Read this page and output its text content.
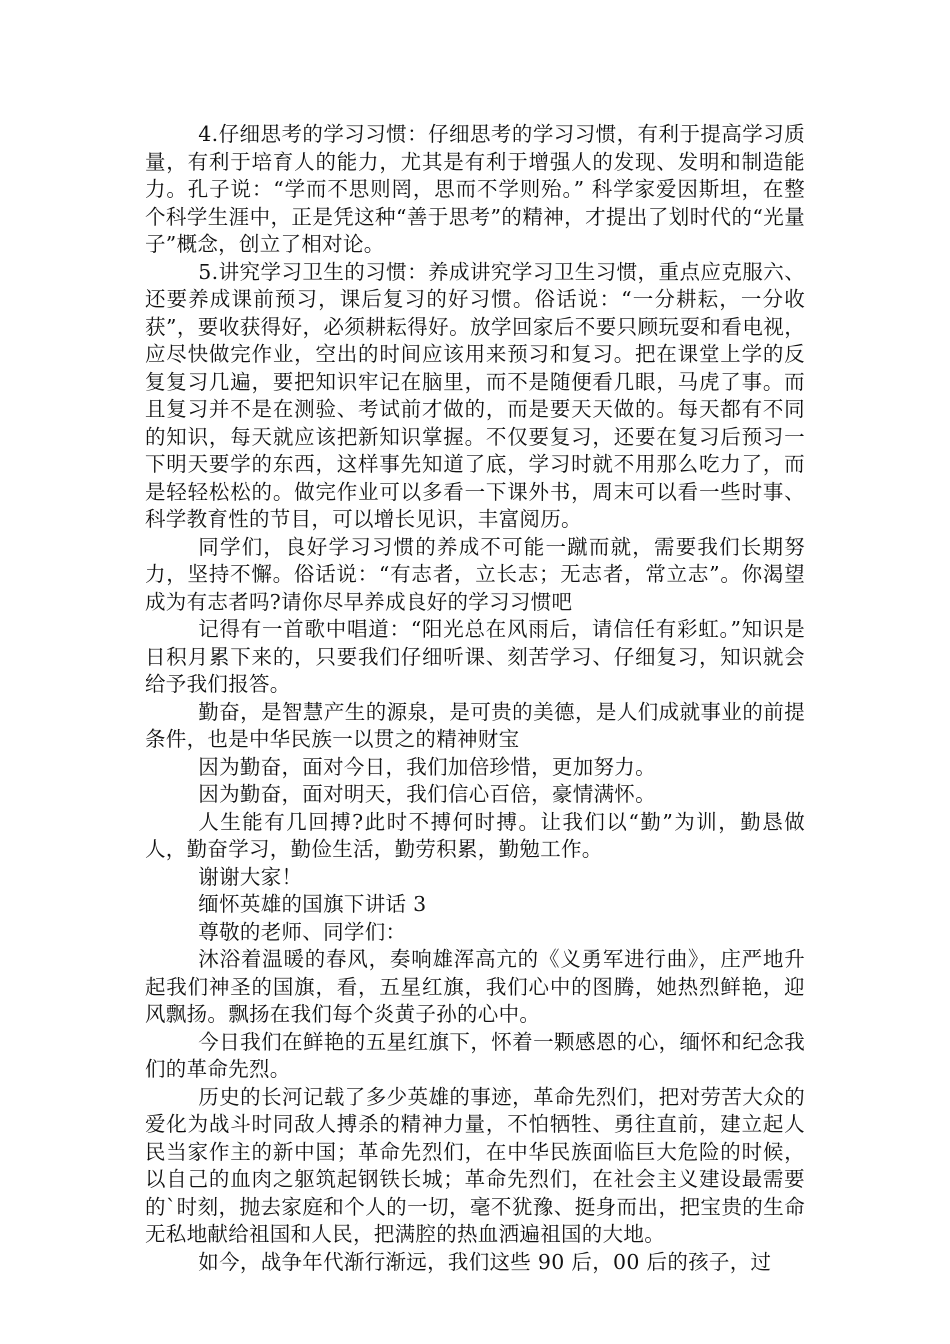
4.仔细思考的学习习惯：仔细思考的学习习惯，有利于提高学习质量，有利于培育人的能力，尤其是有利于增强人的发现、发明和制造能力。孔子说：“学而不思则罔，思而不学则殆。” 科学家爱因斯坦，在整个科学生涯中，正是凭这种“善于思考”的精神，才提出了划时代的“光量子”概念，创立了相对论。

5.讲究学习卫生的习惯：养成讲究学习卫生习惯，重点应克服六、还要养成课前预习，课后复习的好习惯。俗话说：“一分耕耘，一分收获”，要收获得好，必须耕耘得好。放学回家后不要只顾玩耍和看电视，应尽快做完作业，空出的时间应该用来预习和复习。把在课堂上学的反复复习几遍，要把知识牢记在脑里，而不是随便看几眼，马虎了事。而且复习并不是在测验、考试前才做的，而是要天天做的。每天都有不同的知识，每天就应该把新知识掌握。不仅要复习，还要在复习后预习一下明天要学的东西，这样事先知道了底，学习时就不用那么吃力了，而是轻轻松松的。做完作业可以多看一下课外书，周末可以看一些时事、科学教育性的节目，可以增长见识，丰富阅历。

同学们，良好学习习惯的养成不可能一蹴而就，需要我们长期努力，坚持不懈。俗话说：“有志者，立长志；无志者，常立志”。你渴望成为有志者吗?请你尽早养成良好的学习习惯吧

记得有一首歌中唱道：“阳光总在风雨后，请信任有彩虹。”知识是日积月累下来的，只要我们仔细听课、刻苦学习、仔细复习，知识就会给予我们报答。

勤奋，是智慧产生的源泉，是可贵的美德，是人们成就事业的前提条件，也是中华民族一以贯之的精神财宝

因为勤奋，面对今日，我们加倍珍惜，更加努力。

因为勤奋，面对明天，我们信心百倍，豪情满怀。

人生能有几回搏?此时不搏何时搏。让我们以“勤”为训，勤恳做人，勤奋学习，勤俭生活，勤劳积累，勤勉工作。

谢谢大家！

缅怀英雄的国旗下讲话 3

尊敬的老师、同学们：

沐浴着温暖的春风，奏响雄浑高亢的《义勇军进行曲》，庄严地升起我们神圣的国旗，看，五星红旗，我们心中的图腾，她热烈鲜艳，迎风飘扬。飘扬在我们每个炎黄子孙的心中。

今日我们在鲜艳的五星红旗下，怀着一颗感恩的心，缅怀和纪念我们的革命先烈。

历史的长河记载了多少英雄的事迹，革命先烈们，把对劳苦大众的爱化为战斗时同敌人搏杀的精神力量，不怕牺牲、勇往直前，建立起人民当家作主的新中国；革命先烈们，在中华民族面临巨大危险的时候，以自己的血肉之躯筑起钢铁长城；革命先烈们，在社会主义建设最需要的`时刻，抛去家庭和个人的一切，毫不犹豫、挺身而出，把宝贵的生命无私地献给祖国和人民，把满腔的热血洒遍祖国的大地。

如今，战争年代渐行渐远，我们这些 90 后，00 后的孩子，过
